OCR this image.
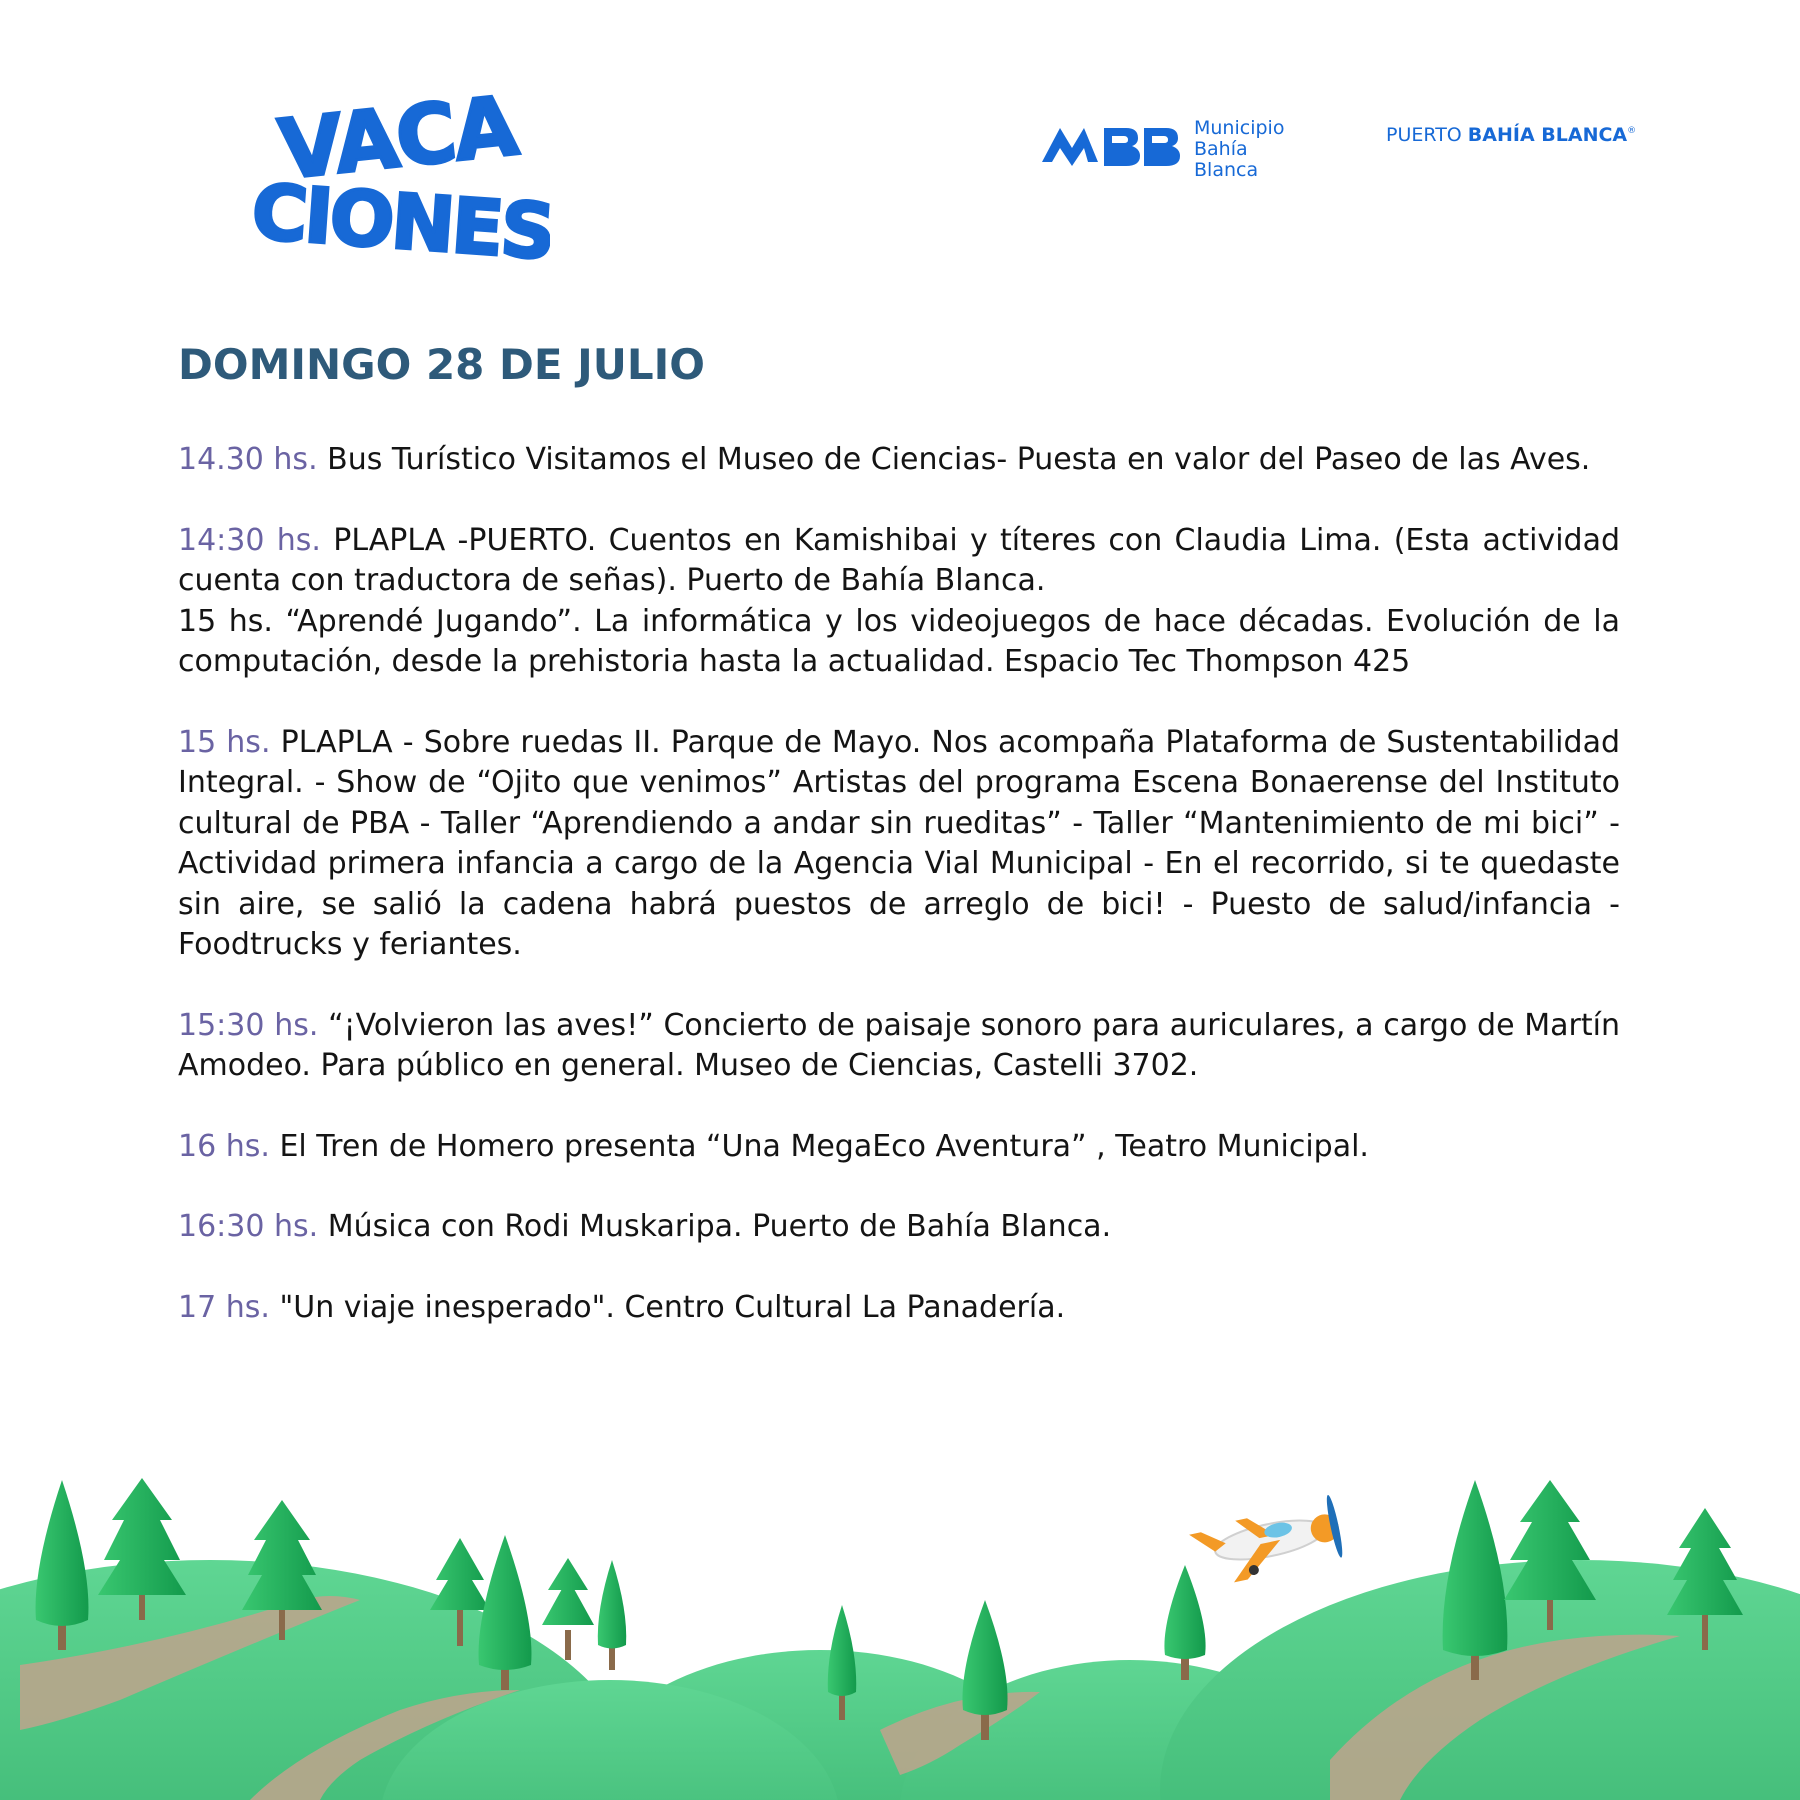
VACA
CIONES
Municipio
Bahía
Blanca
PUERTO BAHÍA BLANCA®
DOMINGO 28 DE JULIO
14.30 hs. Bus Turístico Visitamos el Museo de Ciencias- Puesta en valor del Paseo de las Aves.
14:30 hs. PLAPLA -PUERTO. Cuentos en Kamishibai y títeres con Claudia Lima. (Esta actividad cuenta con traductora de señas). Puerto de Bahía Blanca.
15 hs. “Aprendé Jugando”. La informática y los videojuegos de hace décadas. Evolución de la computación, desde la prehistoria hasta la actualidad. Espacio Tec Thompson 425
15 hs. PLAPLA - Sobre ruedas II. Parque de Mayo. Nos acompaña Plataforma de Sustentabilidad Integral. - Show de “Ojito que venimos” Artistas del programa Escena Bonaerense del Instituto cultural de PBA - Taller “Aprendiendo a andar sin rueditas” - Taller “Mantenimiento de mi bici” - Actividad primera infancia a cargo de la Agencia Vial Municipal - En el recorrido, si te quedaste sin aire, se salió la cadena habrá puestos de arreglo de bici! - Puesto de salud/infancia - Foodtrucks y feriantes.
15:30 hs. “¡Volvieron las aves!” Concierto de paisaje sonoro para auriculares, a cargo de Martín Amodeo. Para público en general. Museo de Ciencias, Castelli 3702.
16 hs. El Tren de Homero presenta “Una MegaEco Aventura” , Teatro Municipal.
16:30 hs. Música con Rodi Muskaripa. Puerto de Bahía Blanca.
17 hs. "Un viaje inesperado". Centro Cultural La Panadería.
